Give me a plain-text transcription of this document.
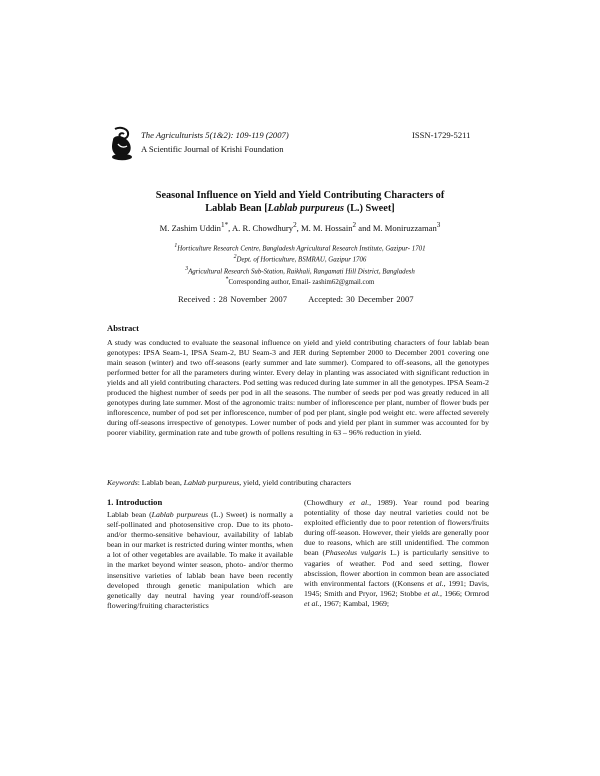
The Agriculturists 5(1&2): 109-119 (2007)
A Scientific Journal of Krishi Foundation
ISSN-1729-5211
Seasonal Influence on Yield and Yield Contributing Characters of
Lablab Bean [Lablab purpureus (L.) Sweet]
M. Zashim Uddin$^{1*}$, A. R. Chowdhury$^2$, M. M. Hossain$^2$ and M. Moniruzzaman$^3$
$^1$Horticulture Research Centre, Bangladesh Agricultural Research Institute, Gazipur- 1701
$^2$Dept. of Horticulture, BSMRAU, Gazipur 1706
$^3$Agricultural Research Sub-Station, Raikhali, Rangamati Hill District, Bangladesh
*Corresponding author, Email- zashim62@gmail.com
Received : 28 November 2007 Accepted: 30 December 2007
Abstract
A study was conducted to evaluate the seasonal influence on yield and yield contributing characters of four lablab bean genotypes: IPSA Seam-1, IPSA Seam-2, BU Seam-3 and JER during September 2000 to December 2001 covering one main season (winter) and two off-seasons (early summer and late summer). Compared to off-seasons, all the genotypes performed better for all the parameters during winter. Every delay in planting was associated with significant reduction in yields and all yield contributing characters. Pod setting was reduced during late summer in all the genotypes. IPSA Seam-2 produced the highest number of seeds per pod in all the seasons. The number of seeds per pod was greatly reduced in all genotypes during late summer. Most of the agronomic traits: number of inflorescence per plant, number of flower buds per inflorescence, number of pod set per inflorescence, number of pod per plant, single pod weight etc. were affected severely during off-seasons irrespective of genotypes. Lower number of pods and yield per plant in summer was accounted for by poorer viability, germination rate and tube growth of pollens resulting in 63 – 96% reduction in yield.
Keywords: Lablab bean, Lablab purpureus, yield, yield contributing characters
1. Introduction
Lablab bean (Lablab purpureus (L.) Sweet) is normally a self-pollinated and photosensitive crop. Due to its photo- and/or thermo-sensitive behaviour, availability of lablab bean in our market is restricted during winter months, when a lot of other vegetables are available. To make it available in the market beyond winter season, photo- and/or thermo insensitive varieties of lablab bean have been recently developed through genetic manipulation which are genetically day neutral having year round/off-season flowering/fruiting characteristics
(Chowdhury et al., 1989). Year round pod bearing potentiality of those day neutral varieties could not be exploited efficiently due to poor retention of flowers/fruits during off-season. However, their yields are generally poor due to reasons, which are still unidentified. The common bean (Phaseolus vulgaris L.) is particularly sensitive to vagaries of weather. Pod and seed setting, flower abscission, flower abortion in common bean are associated with environmental factors ((Konsens et al., 1991; Davis, 1945; Smith and Pryor, 1962; Stobbe et al., 1966; Ormrod et al., 1967; Kambal, 1969;
